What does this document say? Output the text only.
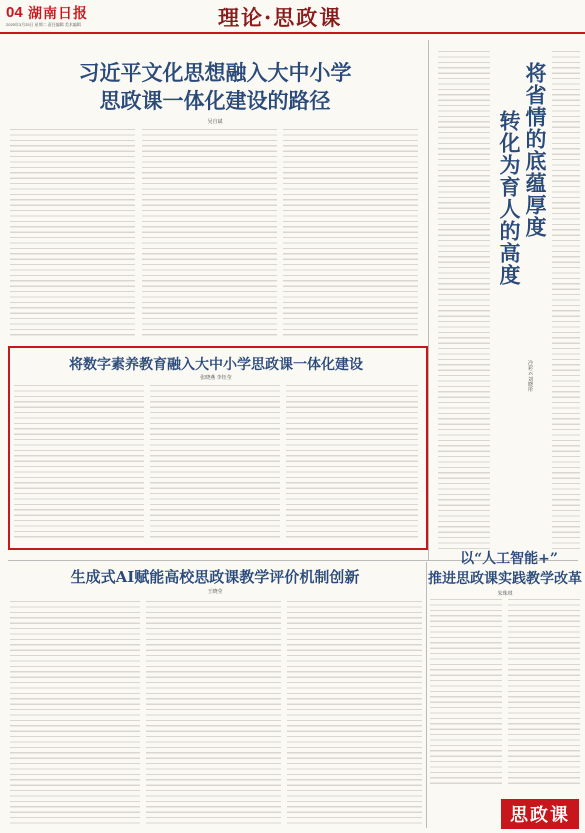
04 湖南日报
2025年3月25日 星期二 责任编辑 美术编辑	理论·思政课
习近平文化思想融入大中小学
思政课一体化建设的路径
吴自斌	将省情的底蕴厚度
转化为育人的高度
冷彩云 刘晓彤
将数字素养教育融入大中小学思政课一体化建设
张晓燕 李钰莹
以“人工智能+”
推进思政课实践教学改革
朱珠琪
生成式AI赋能高校思政课教学评价机制创新
王晓莹
思政课
